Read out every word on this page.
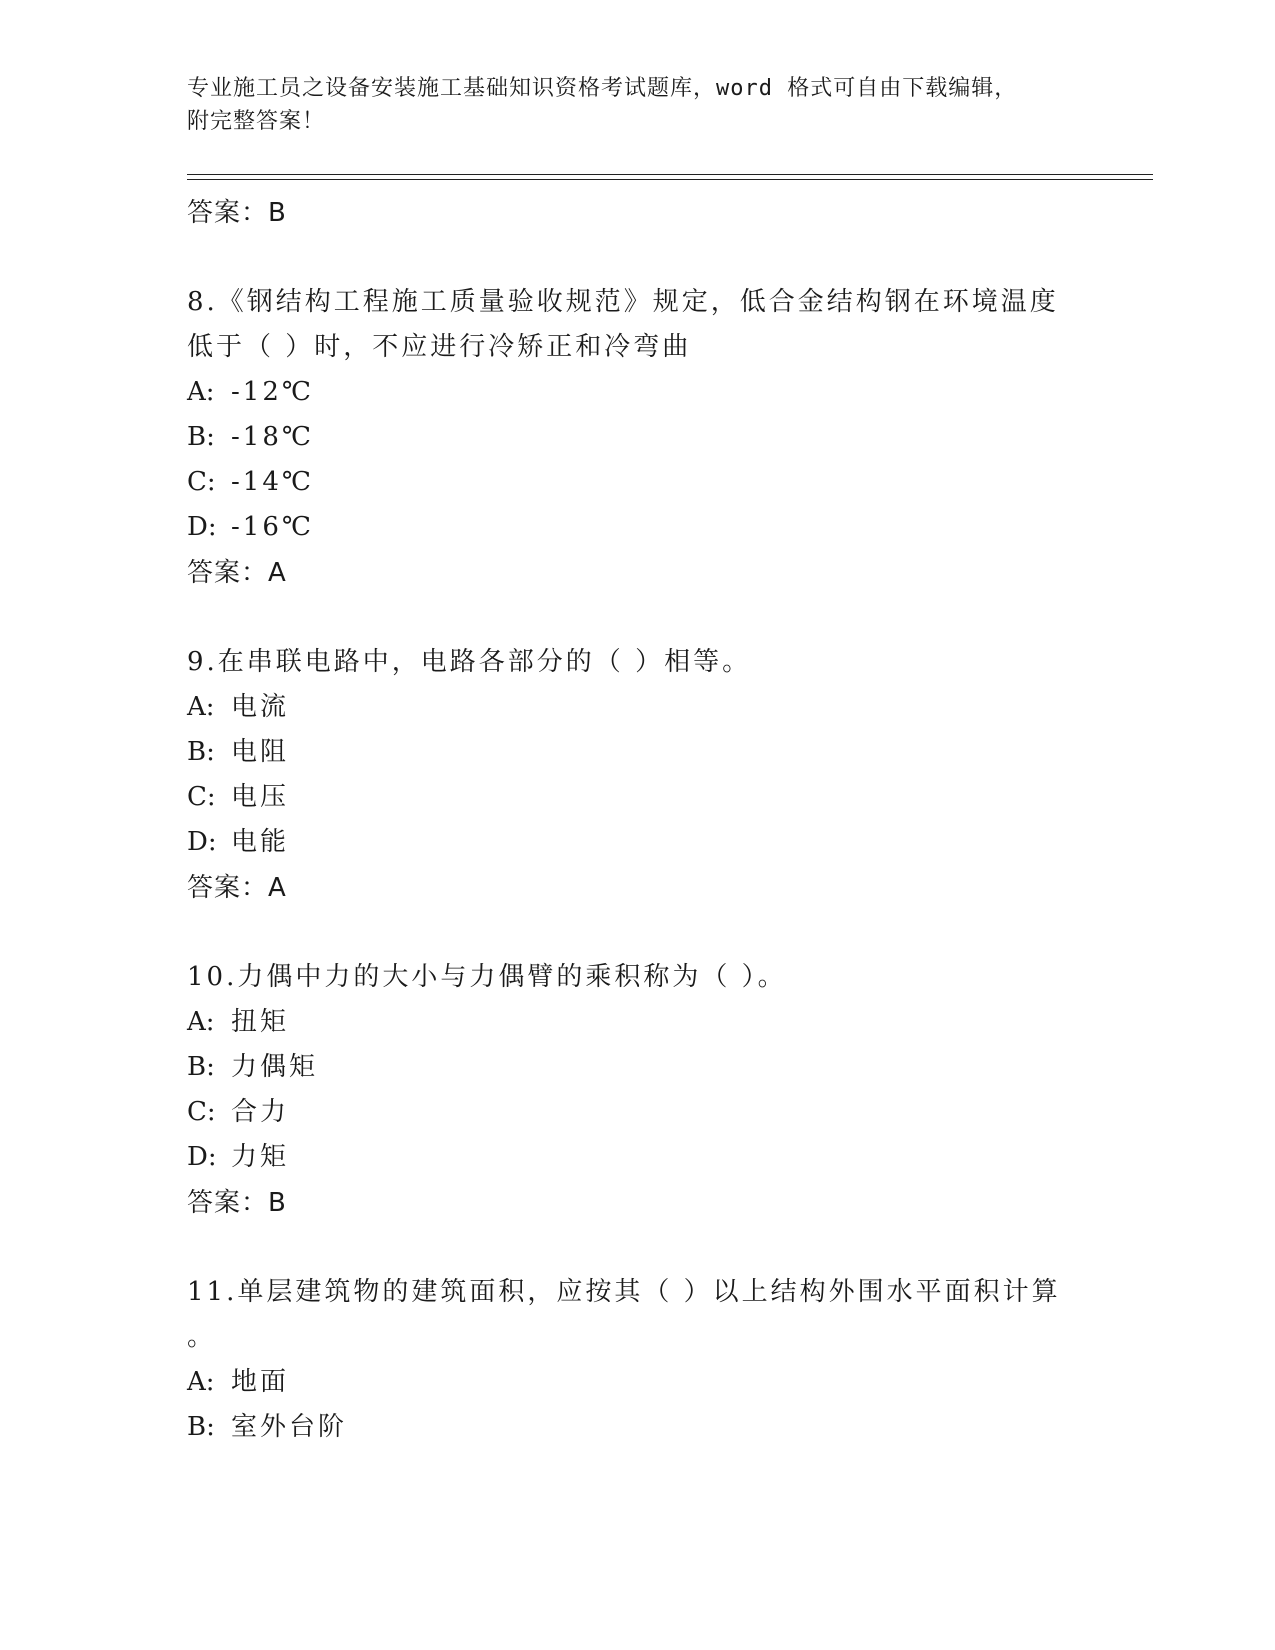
专业施工员之设备安装施工基础知识资格考试题库，word 格式可自由下载编辑，
附完整答案！
答案：B
8.《钢结构工程施工质量验收规范》规定，低合金结构钢在环境温度
低于（ ）时，不应进行冷矫正和冷弯曲
A: -12℃
B: -18℃
C: -14℃
D: -16℃
答案：A
9.在串联电路中，电路各部分的（ ）相等。
A: 电流
B: 电阻
C: 电压
D: 电能
答案：A
10.力偶中力的大小与力偶臂的乘积称为（ ）。
A: 扭矩
B: 力偶矩
C: 合力
D: 力矩
答案：B
11.单层建筑物的建筑面积，应按其（ ）以上结构外围水平面积计算
。
A: 地面
B: 室外台阶
